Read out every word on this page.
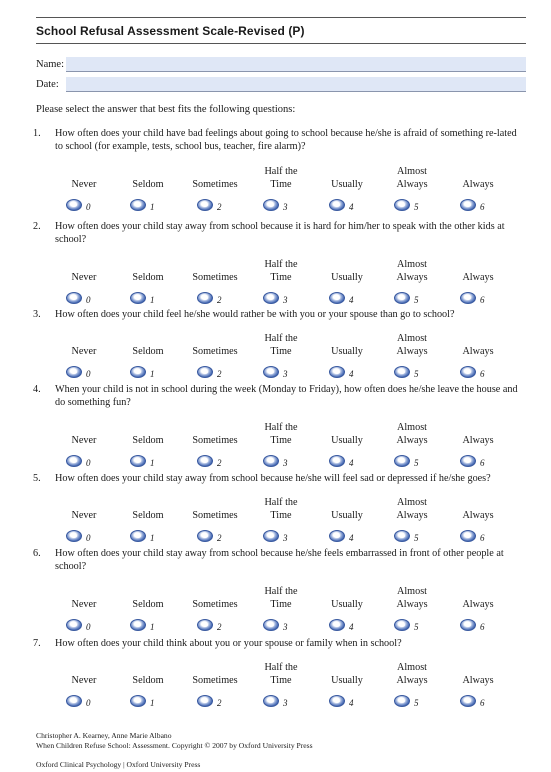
School Refusal Assessment Scale-Revised (P)
Name:
Date:
Please select the answer that best fits the following questions:
1. How often does your child have bad feelings about going to school because he/she is afraid of something re-lated to school (for example, tests, school bus, teacher, fire alarm)?
Never
0
Seldom
1
Sometimes
2
Half the
Time
3
Usually
4
Almost
Always
5
Always
6
2. How often does your child stay away from school because it is hard for him/her to speak with the other kids at school?
Never
0
Seldom
1
Sometimes
2
Half the
Time
3
Usually
4
Almost
Always
5
Always
6
3. How often does your child feel he/she would rather be with you or your spouse than go to school?
Never
0
Seldom
1
Sometimes
2
Half the
Time
3
Usually
4
Almost
Always
5
Always
6
4. When your child is not in school during the week (Monday to Friday), how often does he/she leave the house and do something fun?
Never
0
Seldom
1
Sometimes
2
Half the
Time
3
Usually
4
Almost
Always
5
Always
6
5. How often does your child stay away from school because he/she will feel sad or depressed if he/she goes?
Never
0
Seldom
1
Sometimes
2
Half the
Time
3
Usually
4
Almost
Always
5
Always
6
6. How often does your child stay away from school because he/she feels embarrassed in front of other people at school?
Never
0
Seldom
1
Sometimes
2
Half the
Time
3
Usually
4
Almost
Always
5
Always
6
7. How often does your child think about you or your spouse or family when in school?
Never
0
Seldom
1
Sometimes
2
Half the
Time
3
Usually
4
Almost
Always
5
Always
6
Christopher A. Kearney, Anne Marie Albano
When Children Refuse School: Assessment. Copyright © 2007 by Oxford University Press
Oxford Clinical Psychology | Oxford University Press
